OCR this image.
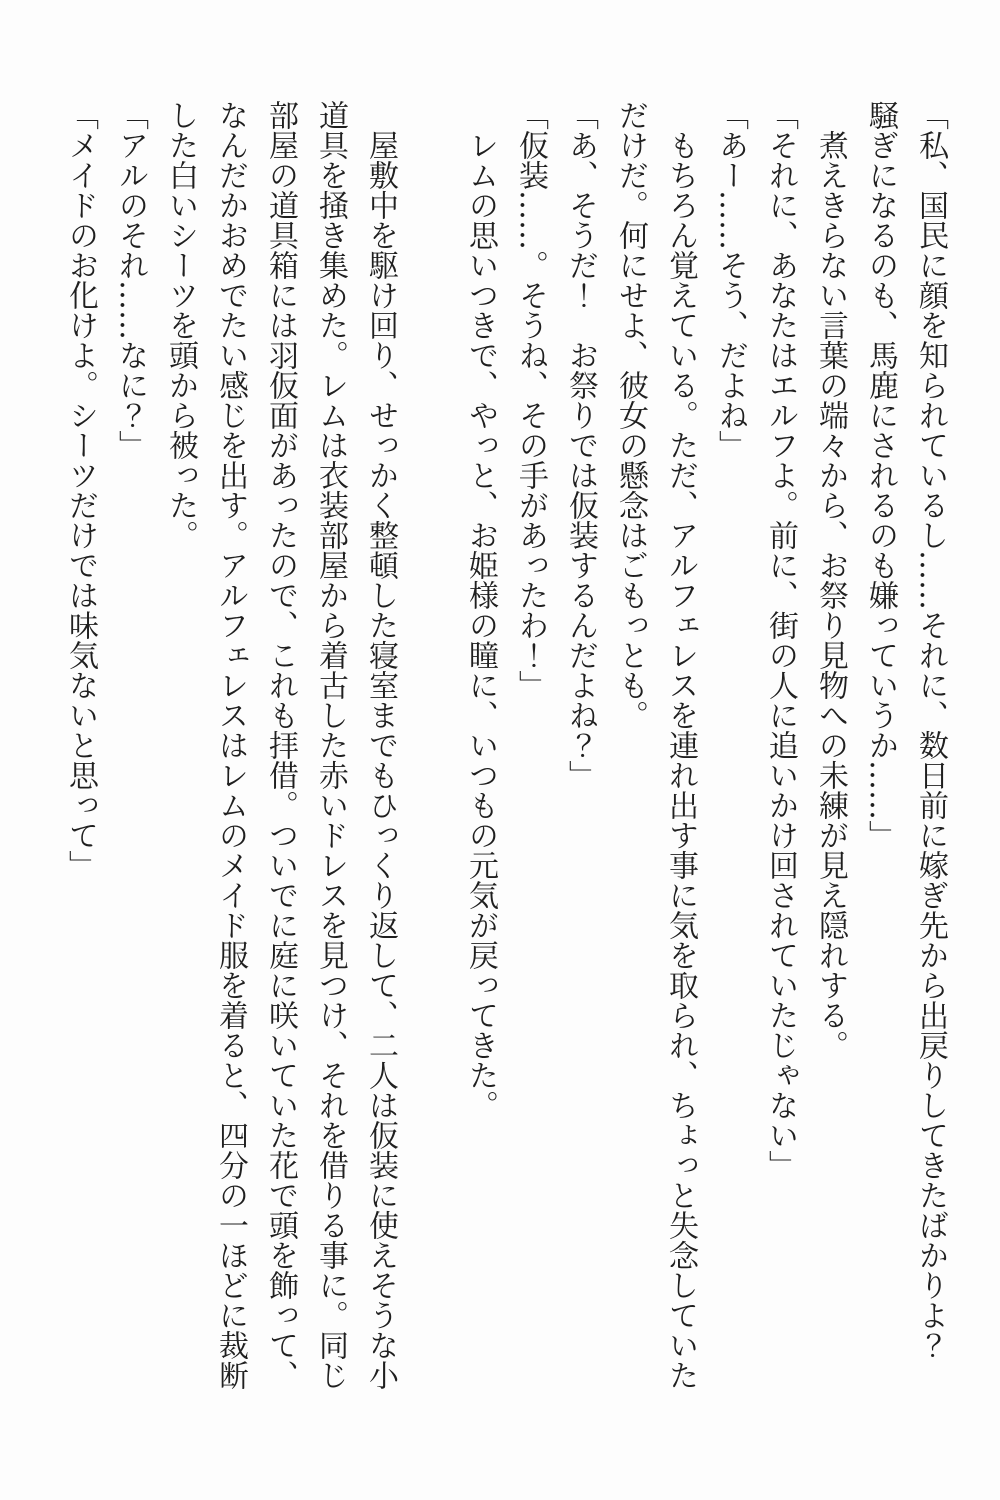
「私、国民に顔を知られているし……それに、数日前に嫁ぎ先から出戻りしてきたばかりよ？
騒ぎになるのも、馬鹿にされるのも嫌っていうか……」
　煮えきらない言葉の端々から、お祭り見物への未練が見え隠れする。
「それに、あなたはエルフよ。前に、街の人に追いかけ回されていたじゃない」
「あー……そう、だよね」
　もちろん覚えている。ただ、アルフェレスを連れ出す事に気を取られ、ちょっと失念していた
だけだ。何にせよ、彼女の懸念はごもっとも。
「あ、そうだ！　お祭りでは仮装するんだよね？」
「仮装……。そうね、その手があったわ！」
　レムの思いつきで、やっと、お姫様の瞳に、いつもの元気が戻ってきた。
　屋敷中を駆け回り、せっかく整頓した寝室までもひっくり返して、二人は仮装に使えそうな小
道具を掻き集めた。レムは衣装部屋から着古した赤いドレスを見つけ、それを借りる事に。同じ
部屋の道具箱には羽仮面があったので、これも拝借。ついでに庭に咲いていた花で頭を飾って、
なんだかおめでたい感じを出す。アルフェレスはレムのメイド服を着ると、四分の一ほどに裁断
した白いシーツを頭から被った。
「アルのそれ……なに？」
「メイドのお化けよ。シーツだけでは味気ないと思って」
